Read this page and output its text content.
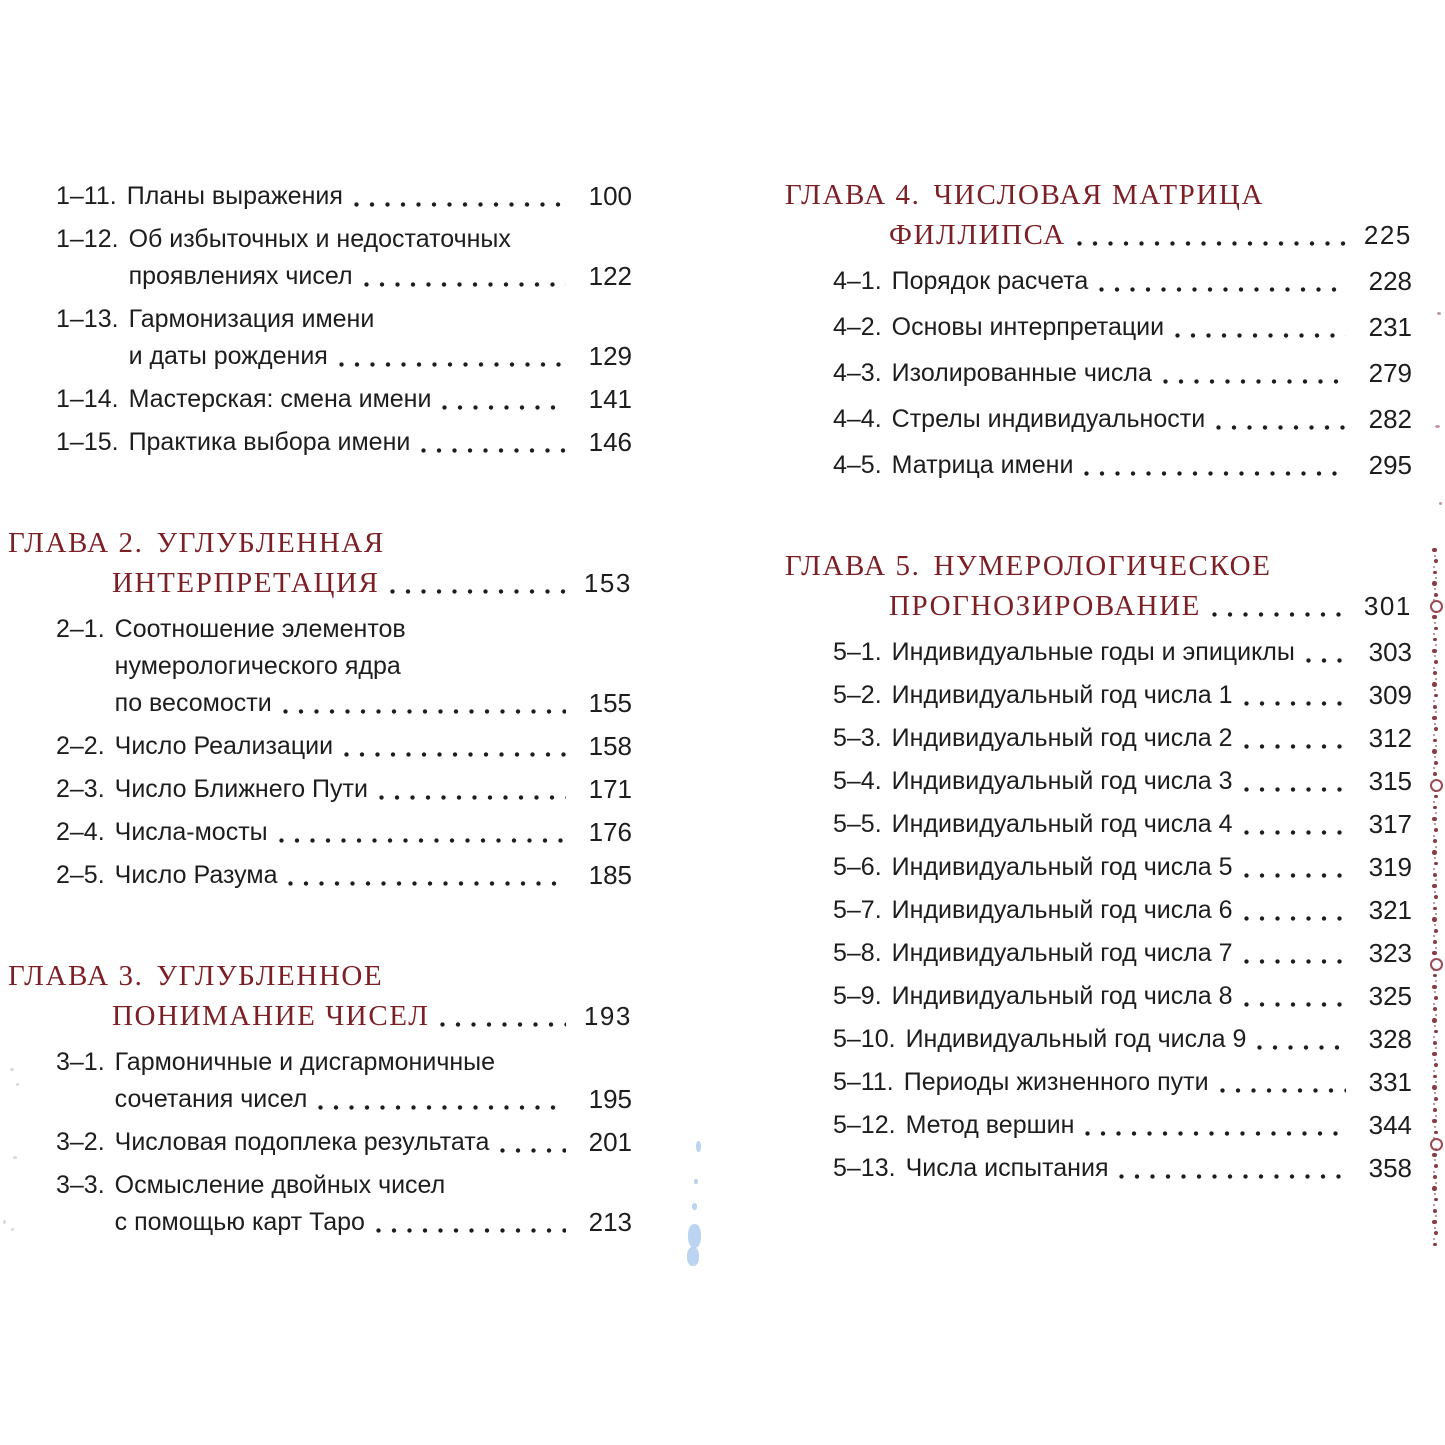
1–11. Планы выражения	100
1–12. Об избыточных и недостаточных
проявлениях чисел	122
1–13. Гармонизация имени
и даты рождения	129
1–14. Мастерская: смена имени	141
1–15. Практика выбора имени	146
ГЛАВА 2. УГЛУБЛЕННАЯ
ИНТЕРПРЕТАЦИЯ	153
2–1. Соотношение элементов
нумерологического ядра
по весомости	155
2–2. Число Реализации	158
2–3. Число Ближнего Пути	171
2–4. Числа-мосты	176
2–5. Число Разума	185
ГЛАВА 3. УГЛУБЛЕННОЕ
ПОНИМАНИЕ ЧИСЕЛ	193
3–1. Гармоничные и дисгармоничные
сочетания чисел	195
3–2. Числовая подоплека результата	201
3–3. Осмысление двойных чисел
с помощью карт Таро	213
ГЛАВА 4. ЧИСЛОВАЯ МАТРИЦА
ФИЛЛИПСА	225
4–1. Порядок расчета	228
4–2. Основы интерпретации	231
4–3. Изолированные числа	279
4–4. Стрелы индивидуальности	282
4–5. Матрица имени	295
ГЛАВА 5. НУМЕРОЛОГИЧЕСКОЕ
ПРОГНОЗИРОВАНИЕ	301
5–1. Индивидуальные годы и эпициклы	303
5–2. Индивидуальный год числа 1	309
5–3. Индивидуальный год числа 2	312
5–4. Индивидуальный год числа 3	315
5–5. Индивидуальный год числа 4	317
5–6. Индивидуальный год числа 5	319
5–7. Индивидуальный год числа 6	321
5–8. Индивидуальный год числа 7	323
5–9. Индивидуальный год числа 8	325
5–10. Индивидуальный год числа 9	328
5–11. Периоды жизненного пути	331
5–12. Метод вершин	344
5–13. Числа испытания	358
